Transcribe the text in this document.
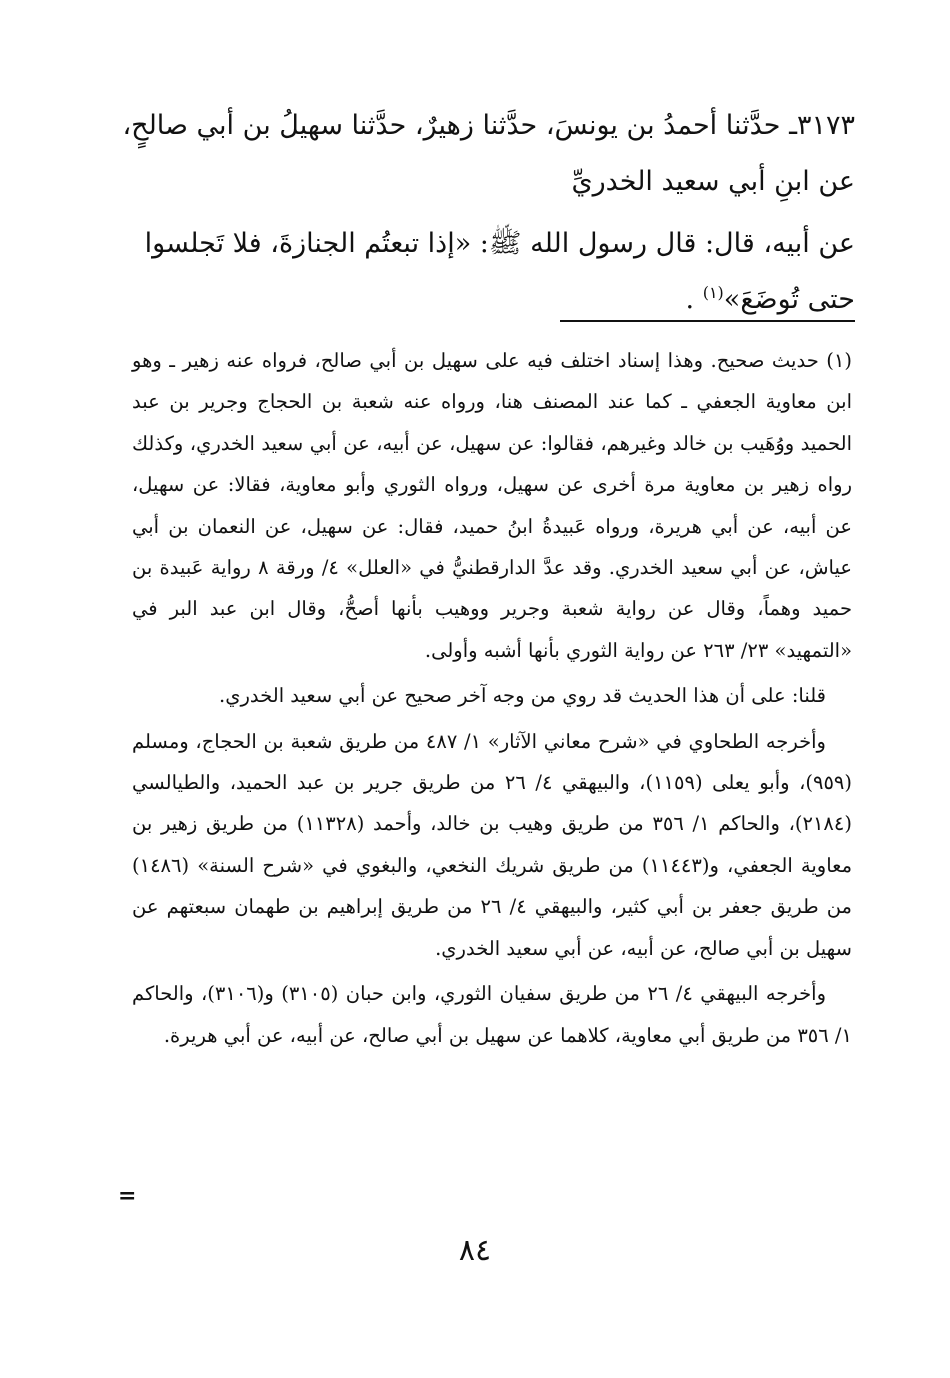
٣١٧٣ـ حدَّثنا أحمدُ بن يونسَ، حدَّثنا زهيرٌ، حدَّثنا سهيلُ بن أبي صالحٍ، عن ابنِ أبي سعيد الخدريِّ

عن أبيه، قال: قال رسول الله ﷺ: «إذا تبعتُم الجنازةَ، فلا تَجلسوا حتى تُوضَعَ»$^{(١)}$ .

(١) حديث صحيح. وهذا إسناد اختلف فيه على سهيل بن أبي صالح، فرواه عنه زهير ـ وهو ابن معاوية الجعفي ـ كما عند المصنف هنا، ورواه عنه شعبة بن الحجاج وجرير بن عبد الحميد ووُهَيب بن خالد وغيرهم، فقالوا: عن سهيل، عن أبيه، عن أبي سعيد الخدري، وكذلك رواه زهير بن معاوية مرة أخرى عن سهيل، ورواه الثوري وأبو معاوية، فقالا: عن سهيل، عن أبيه، عن أبي هريرة، ورواه عَبيدةُ ابنُ حميد، فقال: عن سهيل، عن النعمان بن أبي عياش، عن أبي سعيد الخدري. وقد عدَّ الدارقطنيُّ في «العلل» ٤/ ورقة ٨ رواية عَبيدة بن حميد وهماً، وقال عن رواية شعبة وجرير ووهيب بأنها أصحُّ، وقال ابن عبد البر في «التمهيد» ٢٣/ ٢٦٣ عن رواية الثوري بأنها أشبه وأولى.

قلنا: على أن هذا الحديث قد روي من وجه آخر صحيح عن أبي سعيد الخدري.

وأخرجه الطحاوي في «شرح معاني الآثار» ١/ ٤٨٧ من طريق شعبة بن الحجاج، ومسلم (٩٥٩)، وأبو يعلى (١١٥٩)، والبيهقي ٤/ ٢٦ من طريق جرير بن عبد الحميد، والطيالسي (٢١٨٤)، والحاكم ١/ ٣٥٦ من طريق وهيب بن خالد، وأحمد (١١٣٢٨) من طريق زهير بن معاوية الجعفي، و(١١٤٤٣) من طريق شريك النخعي، والبغوي في «شرح السنة» (١٤٨٦) من طريق جعفر بن أبي كثير، والبيهقي ٤/ ٢٦ من طريق إبراهيم بن طهمان سبعتهم عن سهيل بن أبي صالح، عن أبيه، عن أبي سعيد الخدري.

وأخرجه البيهقي ٤/ ٢٦ من طريق سفيان الثوري، وابن حبان (٣١٠٥) و(٣١٠٦)، والحاكم ١/ ٣٥٦ من طريق أبي معاوية، كلاهما عن سهيل بن أبي صالح، عن أبيه، عن أبي هريرة.

=
٨٤
